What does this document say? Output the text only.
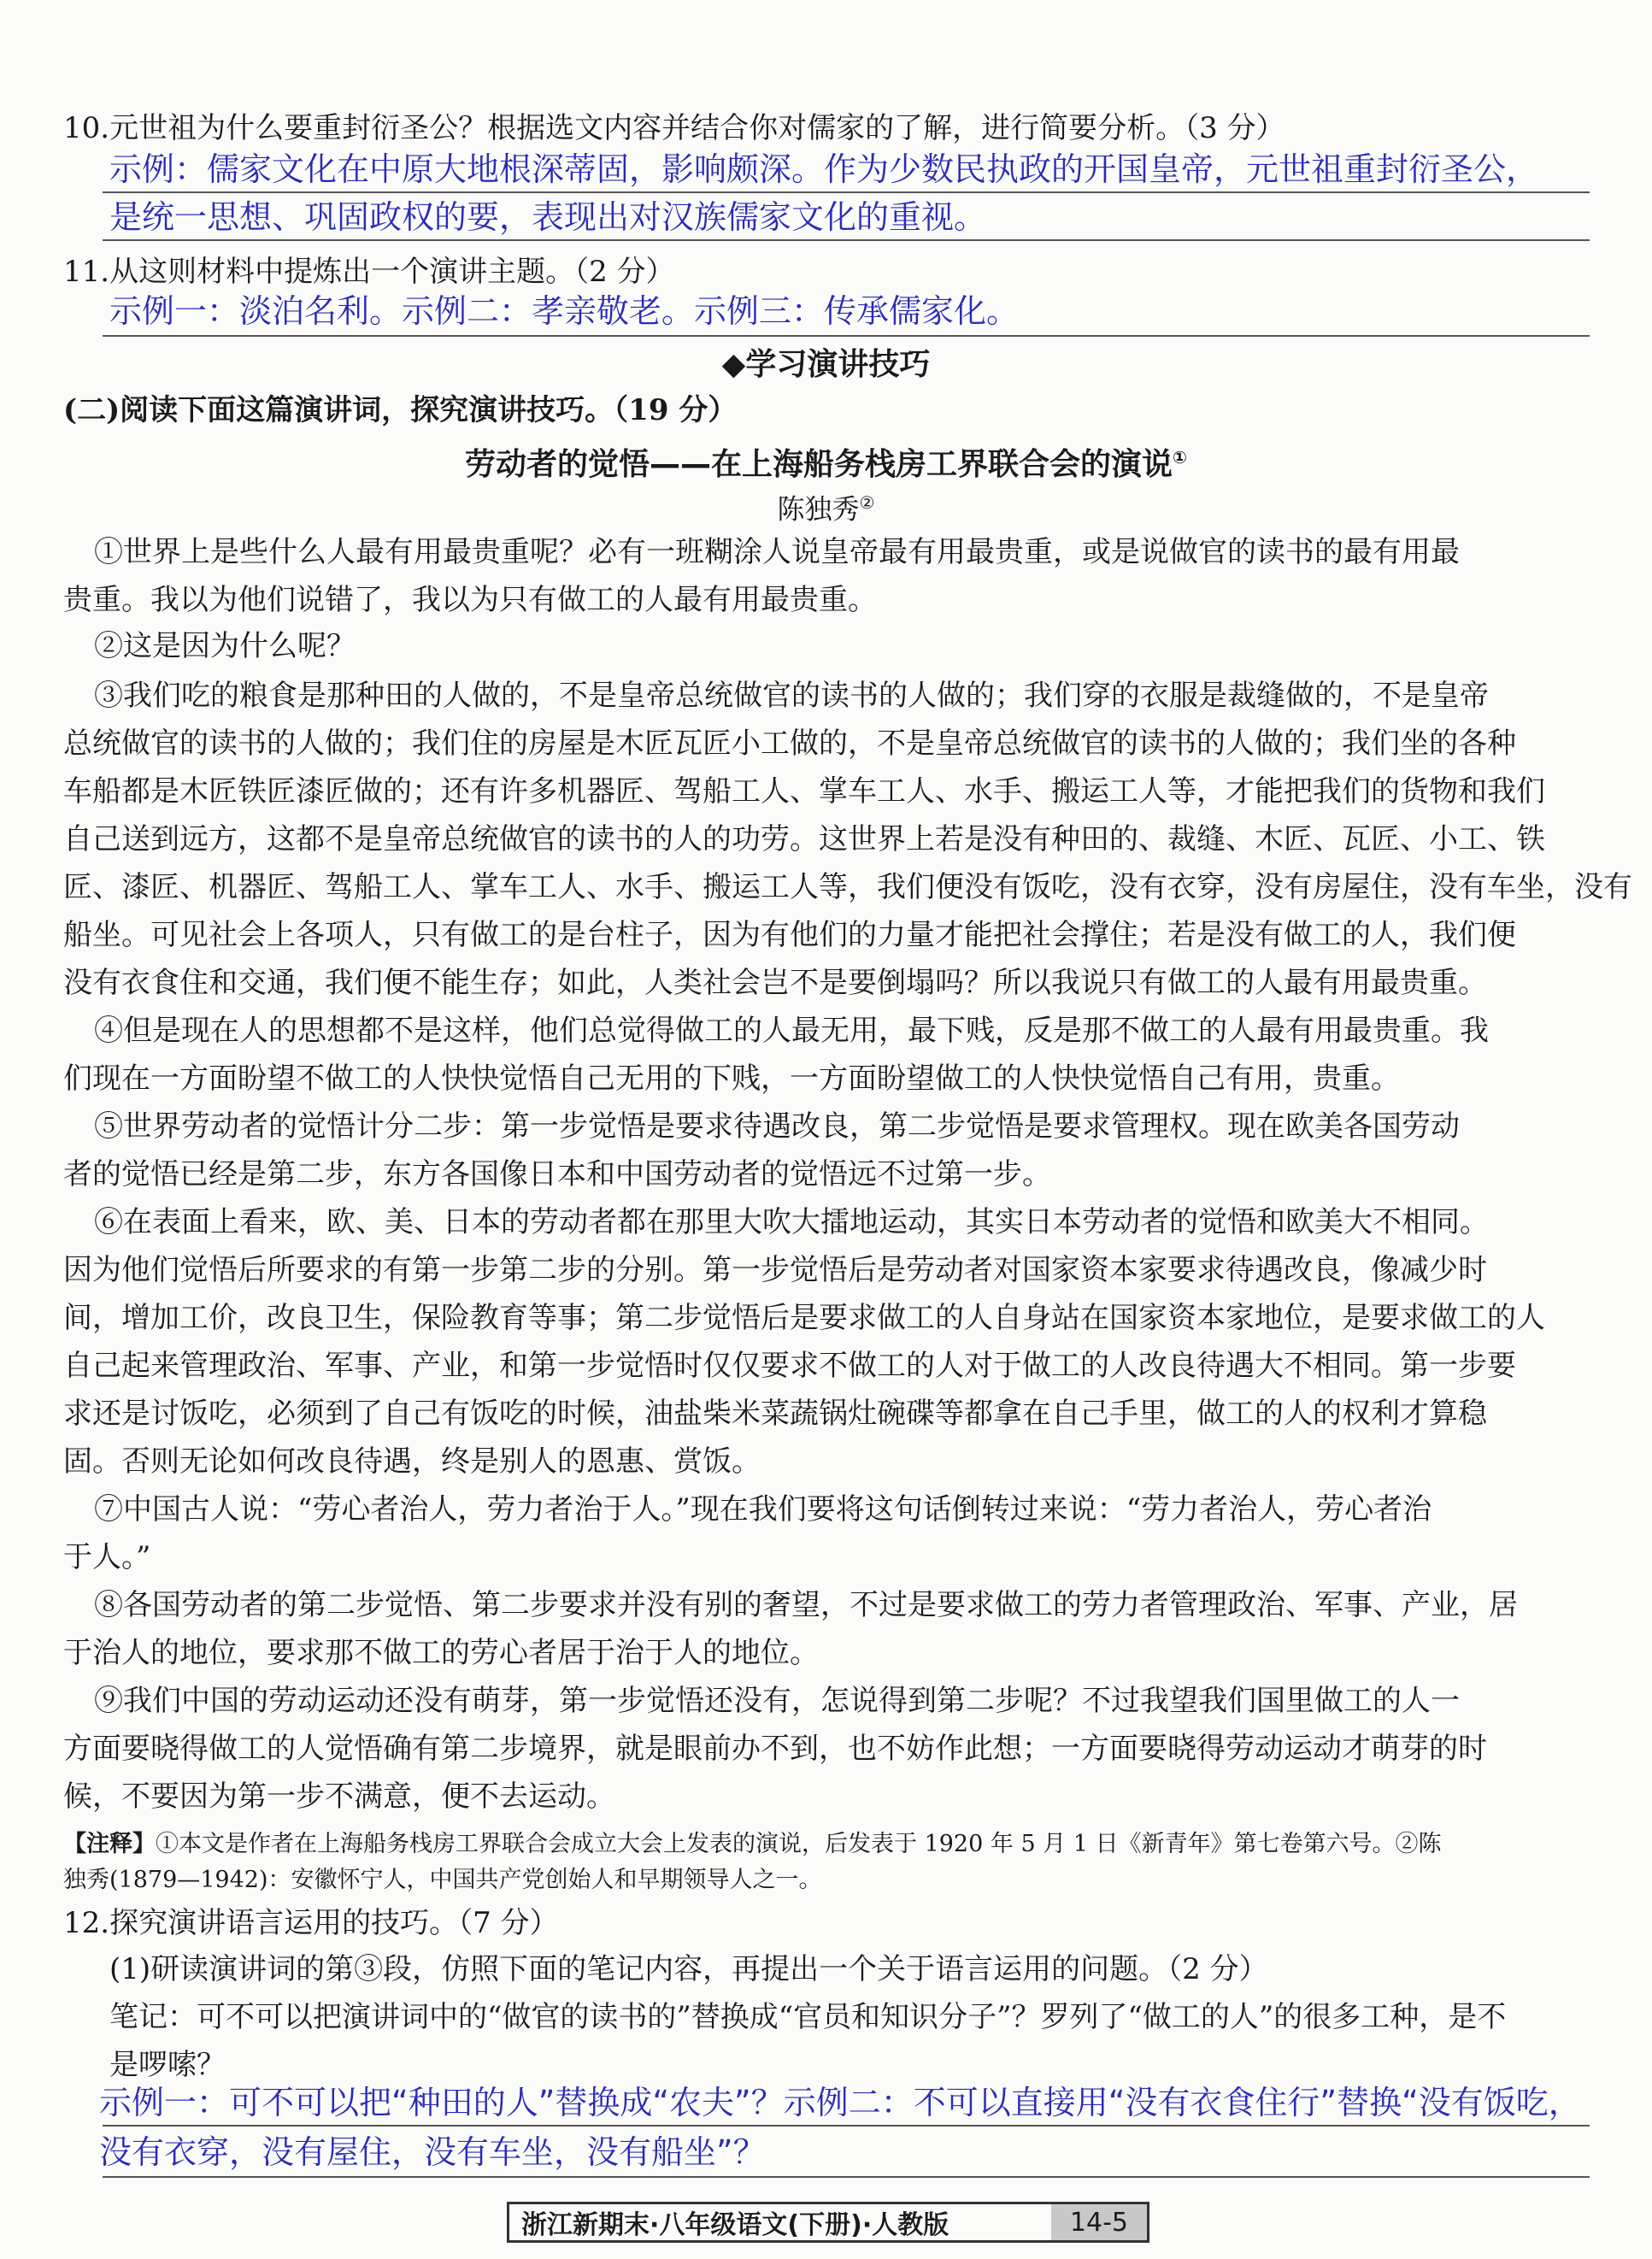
10.元世祖为什么要重封衍圣公？根据选文内容并结合你对儒家的了解，进行简要分析。（3 分）
示例：儒家文化在中原大地根深蒂固，影响颇深。作为少数民执政的开国皇帝，元世祖重封衍圣公，
是统一思想、巩固政权的要，表现出对汉族儒家文化的重视。
11.从这则材料中提炼出一个演讲主题。（2 分）
示例一：淡泊名利。示例二：孝亲敬老。示例三：传承儒家化。
◆学习演讲技巧
(二)阅读下面这篇演讲词，探究演讲技巧。（19 分）
劳动者的觉悟——在上海船务栈房工界联合会的演说①
陈独秀②
①世界上是些什么人最有用最贵重呢？必有一班糊涂人说皇帝最有用最贵重，或是说做官的读书的最有用最
贵重。我以为他们说错了，我以为只有做工的人最有用最贵重。
②这是因为什么呢？
③我们吃的粮食是那种田的人做的，不是皇帝总统做官的读书的人做的；我们穿的衣服是裁缝做的，不是皇帝
总统做官的读书的人做的；我们住的房屋是木匠瓦匠小工做的，不是皇帝总统做官的读书的人做的；我们坐的各种
车船都是木匠铁匠漆匠做的；还有许多机器匠、驾船工人、掌车工人、水手、搬运工人等，才能把我们的货物和我们
自己送到远方，这都不是皇帝总统做官的读书的人的功劳。这世界上若是没有种田的、裁缝、木匠、瓦匠、小工、铁
匠、漆匠、机器匠、驾船工人、掌车工人、水手、搬运工人等，我们便没有饭吃，没有衣穿，没有房屋住，没有车坐，没有
船坐。可见社会上各项人，只有做工的是台柱子，因为有他们的力量才能把社会撑住；若是没有做工的人，我们便
没有衣食住和交通，我们便不能生存；如此，人类社会岂不是要倒塌吗？所以我说只有做工的人最有用最贵重。
④但是现在人的思想都不是这样，他们总觉得做工的人最无用，最下贱，反是那不做工的人最有用最贵重。我
们现在一方面盼望不做工的人快快觉悟自己无用的下贱，一方面盼望做工的人快快觉悟自己有用，贵重。
⑤世界劳动者的觉悟计分二步：第一步觉悟是要求待遇改良，第二步觉悟是要求管理权。现在欧美各国劳动
者的觉悟已经是第二步，东方各国像日本和中国劳动者的觉悟远不过第一步。
⑥在表面上看来，欧、美、日本的劳动者都在那里大吹大擂地运动，其实日本劳动者的觉悟和欧美大不相同。
因为他们觉悟后所要求的有第一步第二步的分别。第一步觉悟后是劳动者对国家资本家要求待遇改良，像减少时
间，增加工价，改良卫生，保险教育等事；第二步觉悟后是要求做工的人自身站在国家资本家地位，是要求做工的人
自己起来管理政治、军事、产业，和第一步觉悟时仅仅要求不做工的人对于做工的人改良待遇大不相同。第一步要
求还是讨饭吃，必须到了自己有饭吃的时候，油盐柴米菜蔬锅灶碗碟等都拿在自己手里，做工的人的权利才算稳
固。否则无论如何改良待遇，终是别人的恩惠、赏饭。
⑦中国古人说：“劳心者治人，劳力者治于人。”现在我们要将这句话倒转过来说：“劳力者治人，劳心者治
于人。”
⑧各国劳动者的第二步觉悟、第二步要求并没有别的奢望，不过是要求做工的劳力者管理政治、军事、产业，居
于治人的地位，要求那不做工的劳心者居于治于人的地位。
⑨我们中国的劳动运动还没有萌芽，第一步觉悟还没有，怎说得到第二步呢？不过我望我们国里做工的人一
方面要晓得做工的人觉悟确有第二步境界，就是眼前办不到，也不妨作此想；一方面要晓得劳动运动才萌芽的时
候，不要因为第一步不满意，便不去运动。
【注释】①本文是作者在上海船务栈房工界联合会成立大会上发表的演说，后发表于 1920 年 5 月 1 日《新青年》第七卷第六号。②陈
独秀(1879—1942)：安徽怀宁人，中国共产党创始人和早期领导人之一。
12.探究演讲语言运用的技巧。（7 分）
(1)研读演讲词的第③段，仿照下面的笔记内容，再提出一个关于语言运用的问题。（2 分）
笔记：可不可以把演讲词中的“做官的读书的”替换成“官员和知识分子”？罗列了“做工的人”的很多工种，是不
是啰嗦？
示例一：可不可以把“种田的人”替换成“农夫”？示例二：不可以直接用“没有衣食住行”替换“没有饭吃，
没有衣穿，没有屋住，没有车坐，没有船坐”？
浙江新期末·八年级语文(下册)·人教版	14-5
